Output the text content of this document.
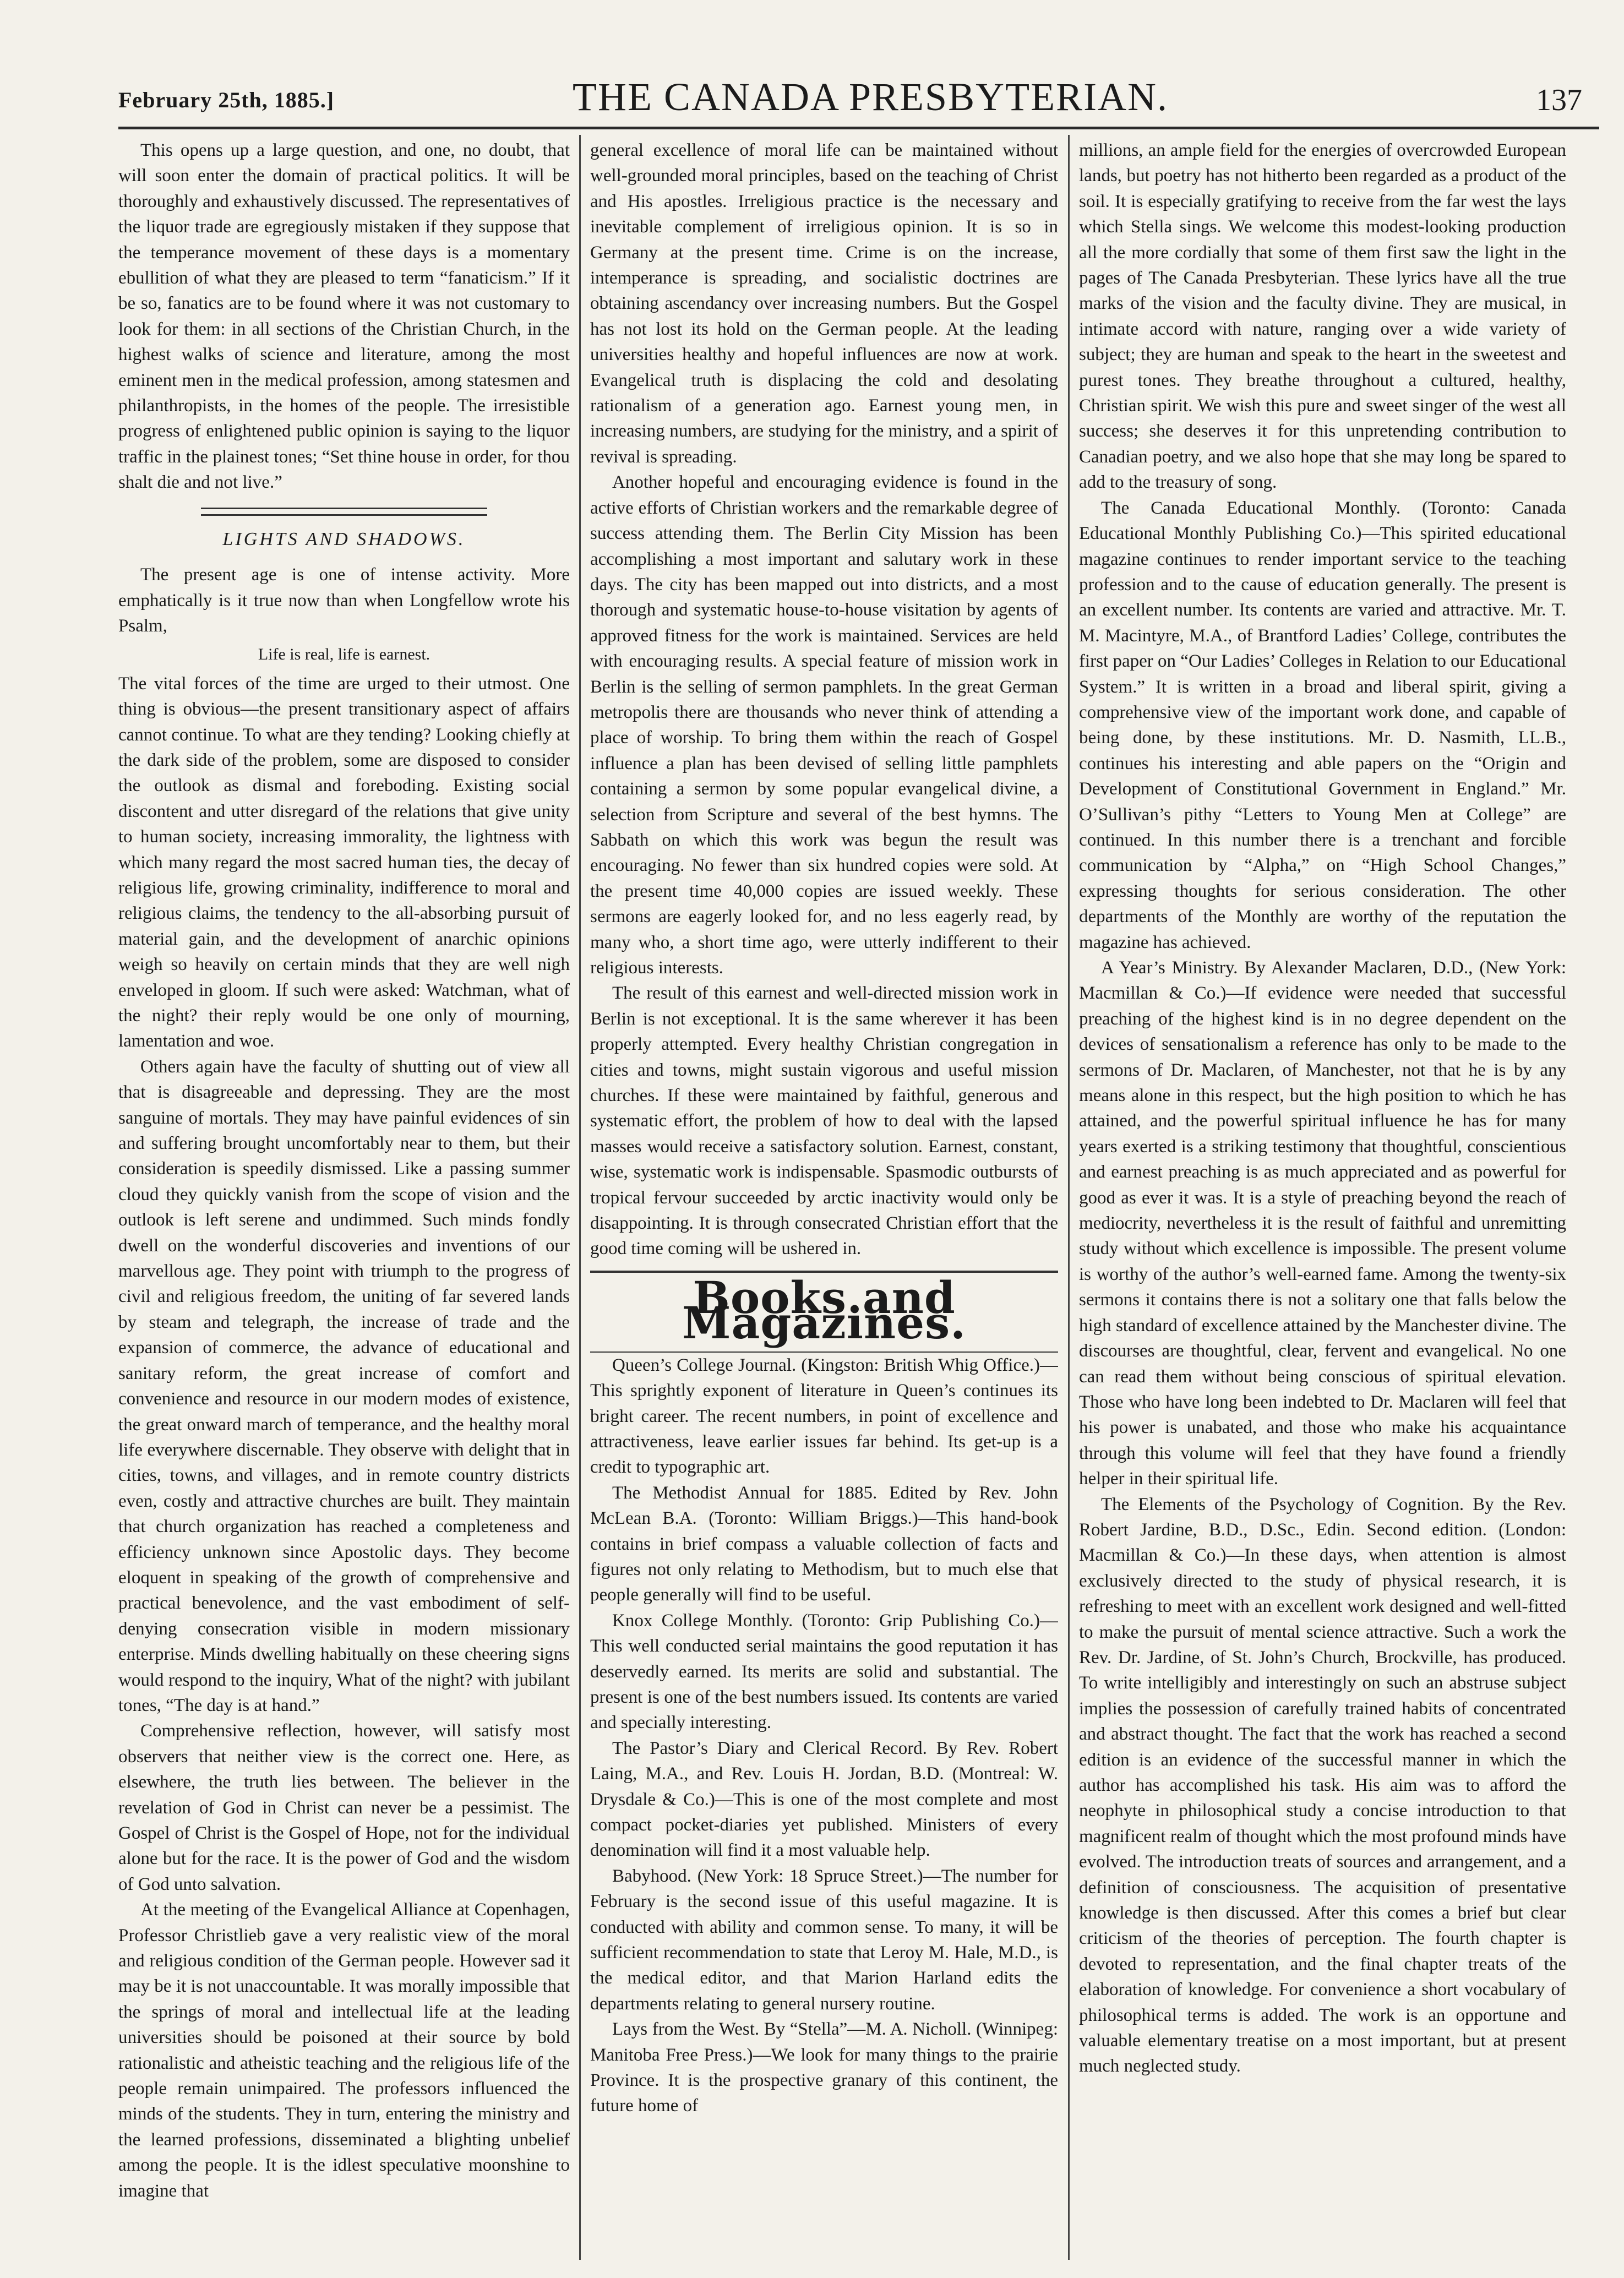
February 25th, 1885.]	THE CANADA PRESBYTERIAN.	137

This opens up a large question, and one, no doubt, that will soon enter the domain of practical politics. It will be thoroughly and exhaustively discussed. The representatives of the liquor trade are egregiously mistaken if they suppose that the temperance movement of these days is a momentary ebullition of what they are pleased to term “fanaticism.” If it be so, fanatics are to be found where it was not customary to look for them: in all sections of the Christian Church, in the highest walks of science and literature, among the most eminent men in the medical profession, among statesmen and philanthropists, in the homes of the people. The irresistible progress of enlightened public opinion is saying to the liquor traffic in the plainest tones; “Set thine house in order, for thou shalt die and not live.”

LIGHTS AND SHADOWS.

The present age is one of intense activity. More emphatically is it true now than when Longfellow wrote his Psalm,

Life is real, life is earnest.

The vital forces of the time are urged to their utmost. One thing is obvious—the present transitionary aspect of affairs cannot continue. To what are they tending? Looking chiefly at the dark side of the problem, some are disposed to consider the outlook as dismal and foreboding. Existing social discontent and utter disregard of the relations that give unity to human society, increasing immorality, the lightness with which many regard the most sacred human ties, the decay of religious life, growing criminality, indifference to moral and religious claims, the tendency to the all-absorbing pursuit of material gain, and the development of anarchic opinions weigh so heavily on certain minds that they are well nigh enveloped in gloom. If such were asked: Watchman, what of the night? their reply would be one only of mourning, lamentation and woe.

Others again have the faculty of shutting out of view all that is disagreeable and depressing. They are the most sanguine of mortals. They may have painful evidences of sin and suffering brought uncomfortably near to them, but their consideration is speedily dismissed. Like a passing summer cloud they quickly vanish from the scope of vision and the outlook is left serene and undimmed. Such minds fondly dwell on the wonderful discoveries and inventions of our marvellous age. They point with triumph to the progress of civil and religious freedom, the uniting of far severed lands by steam and telegraph, the increase of trade and the expansion of commerce, the advance of educational and sanitary reform, the great increase of comfort and convenience and resource in our modern modes of existence, the great onward march of temperance, and the healthy moral life everywhere discernable. They observe with delight that in cities, towns, and villages, and in remote country districts even, costly and attractive churches are built. They maintain that church organization has reached a completeness and efficiency unknown since Apostolic days. They become eloquent in speaking of the growth of comprehensive and practical benevolence, and the vast embodiment of self-denying consecration visible in modern missionary enterprise. Minds dwelling habitually on these cheering signs would respond to the inquiry, What of the night? with jubilant tones, “The day is at hand.”

Comprehensive reflection, however, will satisfy most observers that neither view is the correct one. Here, as elsewhere, the truth lies between. The believer in the revelation of God in Christ can never be a pessimist. The Gospel of Christ is the Gospel of Hope, not for the individual alone but for the race. It is the power of God and the wisdom of God unto salvation.

At the meeting of the Evangelical Alliance at Copenhagen, Professor Christlieb gave a very realistic view of the moral and religious condition of the German people. However sad it may be it is not unaccountable. It was morally impossible that the springs of moral and intellectual life at the leading universities should be poisoned at their source by bold rationalistic and atheistic teaching and the religious life of the people remain unimpaired. The professors influenced the minds of the students. They in turn, entering the ministry and the learned professions, disseminated a blighting unbelief among the people. It is the idlest speculative moonshine to imagine that

general excellence of moral life can be maintained without well-grounded moral principles, based on the teaching of Christ and His apostles. Irreligious practice is the necessary and inevitable complement of irreligious opinion. It is so in Germany at the present time. Crime is on the increase, intemperance is spreading, and socialistic doctrines are obtaining ascendancy over increasing numbers. But the Gospel has not lost its hold on the German people. At the leading universities healthy and hopeful influences are now at work. Evangelical truth is displacing the cold and desolating rationalism of a generation ago. Earnest young men, in increasing numbers, are studying for the ministry, and a spirit of revival is spreading.

Another hopeful and encouraging evidence is found in the active efforts of Christian workers and the remarkable degree of success attending them. The Berlin City Mission has been accomplishing a most important and salutary work in these days. The city has been mapped out into districts, and a most thorough and systematic house-to-house visitation by agents of approved fitness for the work is maintained. Services are held with encouraging results. A special feature of mission work in Berlin is the selling of sermon pamphlets. In the great German metropolis there are thousands who never think of attending a place of worship. To bring them within the reach of Gospel influence a plan has been devised of selling little pamphlets containing a sermon by some popular evangelical divine, a selection from Scripture and several of the best hymns. The Sabbath on which this work was begun the result was encouraging. No fewer than six hundred copies were sold. At the present time 40,000 copies are issued weekly. These sermons are eagerly looked for, and no less eagerly read, by many who, a short time ago, were utterly indifferent to their religious interests.

The result of this earnest and well-directed mission work in Berlin is not exceptional. It is the same wherever it has been properly attempted. Every healthy Christian congregation in cities and towns, might sustain vigorous and useful mission churches. If these were maintained by faithful, generous and systematic effort, the problem of how to deal with the lapsed masses would receive a satisfactory solution. Earnest, constant, wise, systematic work is indispensable. Spasmodic outbursts of tropical fervour succeeded by arctic inactivity would only be disappointing. It is through consecrated Christian effort that the good time coming will be ushered in.

Books and Magazines.

Queen’s College Journal. (Kingston: British Whig Office.)—This sprightly exponent of literature in Queen’s continues its bright career. The recent numbers, in point of excellence and attractiveness, leave earlier issues far behind. Its get-up is a credit to typographic art.

The Methodist Annual for 1885. Edited by Rev. John McLean B.A. (Toronto: William Briggs.)—This hand-book contains in brief compass a valuable collection of facts and figures not only relating to Methodism, but to much else that people generally will find to be useful.

Knox College Monthly. (Toronto: Grip Publishing Co.)—This well conducted serial maintains the good reputation it has deservedly earned. Its merits are solid and substantial. The present is one of the best numbers issued. Its contents are varied and specially interesting.

The Pastor’s Diary and Clerical Record. By Rev. Robert Laing, M.A., and Rev. Louis H. Jordan, B.D. (Montreal: W. Drysdale & Co.)—This is one of the most complete and most compact pocket-diaries yet published. Ministers of every denomination will find it a most valuable help.

Babyhood. (New York: 18 Spruce Street.)—The number for February is the second issue of this useful magazine. It is conducted with ability and common sense. To many, it will be sufficient recommendation to state that Leroy M. Hale, M.D., is the medical editor, and that Marion Harland edits the departments relating to general nursery routine.

Lays from the West. By “Stella”—M. A. Nicholl. (Winnipeg: Manitoba Free Press.)—We look for many things to the prairie Province. It is the prospective granary of this continent, the future home of

millions, an ample field for the energies of overcrowded European lands, but poetry has not hitherto been regarded as a product of the soil. It is especially gratifying to receive from the far west the lays which Stella sings. We welcome this modest-looking production all the more cordially that some of them first saw the light in the pages of The Canada Presbyterian. These lyrics have all the true marks of the vision and the faculty divine. They are musical, in intimate accord with nature, ranging over a wide variety of subject; they are human and speak to the heart in the sweetest and purest tones. They breathe throughout a cultured, healthy, Christian spirit. We wish this pure and sweet singer of the west all success; she deserves it for this unpretending contribution to Canadian poetry, and we also hope that she may long be spared to add to the treasury of song.

The Canada Educational Monthly. (Toronto: Canada Educational Monthly Publishing Co.)—This spirited educational magazine continues to render important service to the teaching profession and to the cause of education generally. The present is an excellent number. Its contents are varied and attractive. Mr. T. M. Macintyre, M.A., of Brantford Ladies’ College, contributes the first paper on “Our Ladies’ Colleges in Relation to our Educational System.” It is written in a broad and liberal spirit, giving a comprehensive view of the important work done, and capable of being done, by these institutions. Mr. D. Nasmith, LL.B., continues his interesting and able papers on the “Origin and Development of Constitutional Government in England.” Mr. O’Sullivan’s pithy “Letters to Young Men at College” are continued. In this number there is a trenchant and forcible communication by “Alpha,” on “High School Changes,” expressing thoughts for serious consideration. The other departments of the Monthly are worthy of the reputation the magazine has achieved.

A Year’s Ministry. By Alexander Maclaren, D.D., (New York: Macmillan & Co.)—If evidence were needed that successful preaching of the highest kind is in no degree dependent on the devices of sensationalism a reference has only to be made to the sermons of Dr. Maclaren, of Manchester, not that he is by any means alone in this respect, but the high position to which he has attained, and the powerful spiritual influence he has for many years exerted is a striking testimony that thoughtful, conscientious and earnest preaching is as much appreciated and as powerful for good as ever it was. It is a style of preaching beyond the reach of mediocrity, nevertheless it is the result of faithful and unremitting study without which excellence is impossible. The present volume is worthy of the author’s well-earned fame. Among the twenty-six sermons it contains there is not a solitary one that falls below the high standard of excellence attained by the Manchester divine. The discourses are thoughtful, clear, fervent and evangelical. No one can read them without being conscious of spiritual elevation. Those who have long been indebted to Dr. Maclaren will feel that his power is unabated, and those who make his acquaintance through this volume will feel that they have found a friendly helper in their spiritual life.

The Elements of the Psychology of Cognition. By the Rev. Robert Jardine, B.D., D.Sc., Edin. Second edition. (London: Macmillan & Co.)—In these days, when attention is almost exclusively directed to the study of physical research, it is refreshing to meet with an excellent work designed and well-fitted to make the pursuit of mental science attractive. Such a work the Rev. Dr. Jardine, of St. John’s Church, Brockville, has produced. To write intelligibly and interestingly on such an abstruse subject implies the possession of carefully trained habits of concentrated and abstract thought. The fact that the work has reached a second edition is an evidence of the successful manner in which the author has accomplished his task. His aim was to afford the neophyte in philosophical study a concise introduction to that magnificent realm of thought which the most profound minds have evolved. The introduction treats of sources and arrangement, and a definition of consciousness. The acquisition of presentative knowledge is then discussed. After this comes a brief but clear criticism of the theories of perception. The fourth chapter is devoted to representation, and the final chapter treats of the elaboration of knowledge. For convenience a short vocabulary of philosophical terms is added. The work is an opportune and valuable elementary treatise on a most important, but at present much neglected study.
